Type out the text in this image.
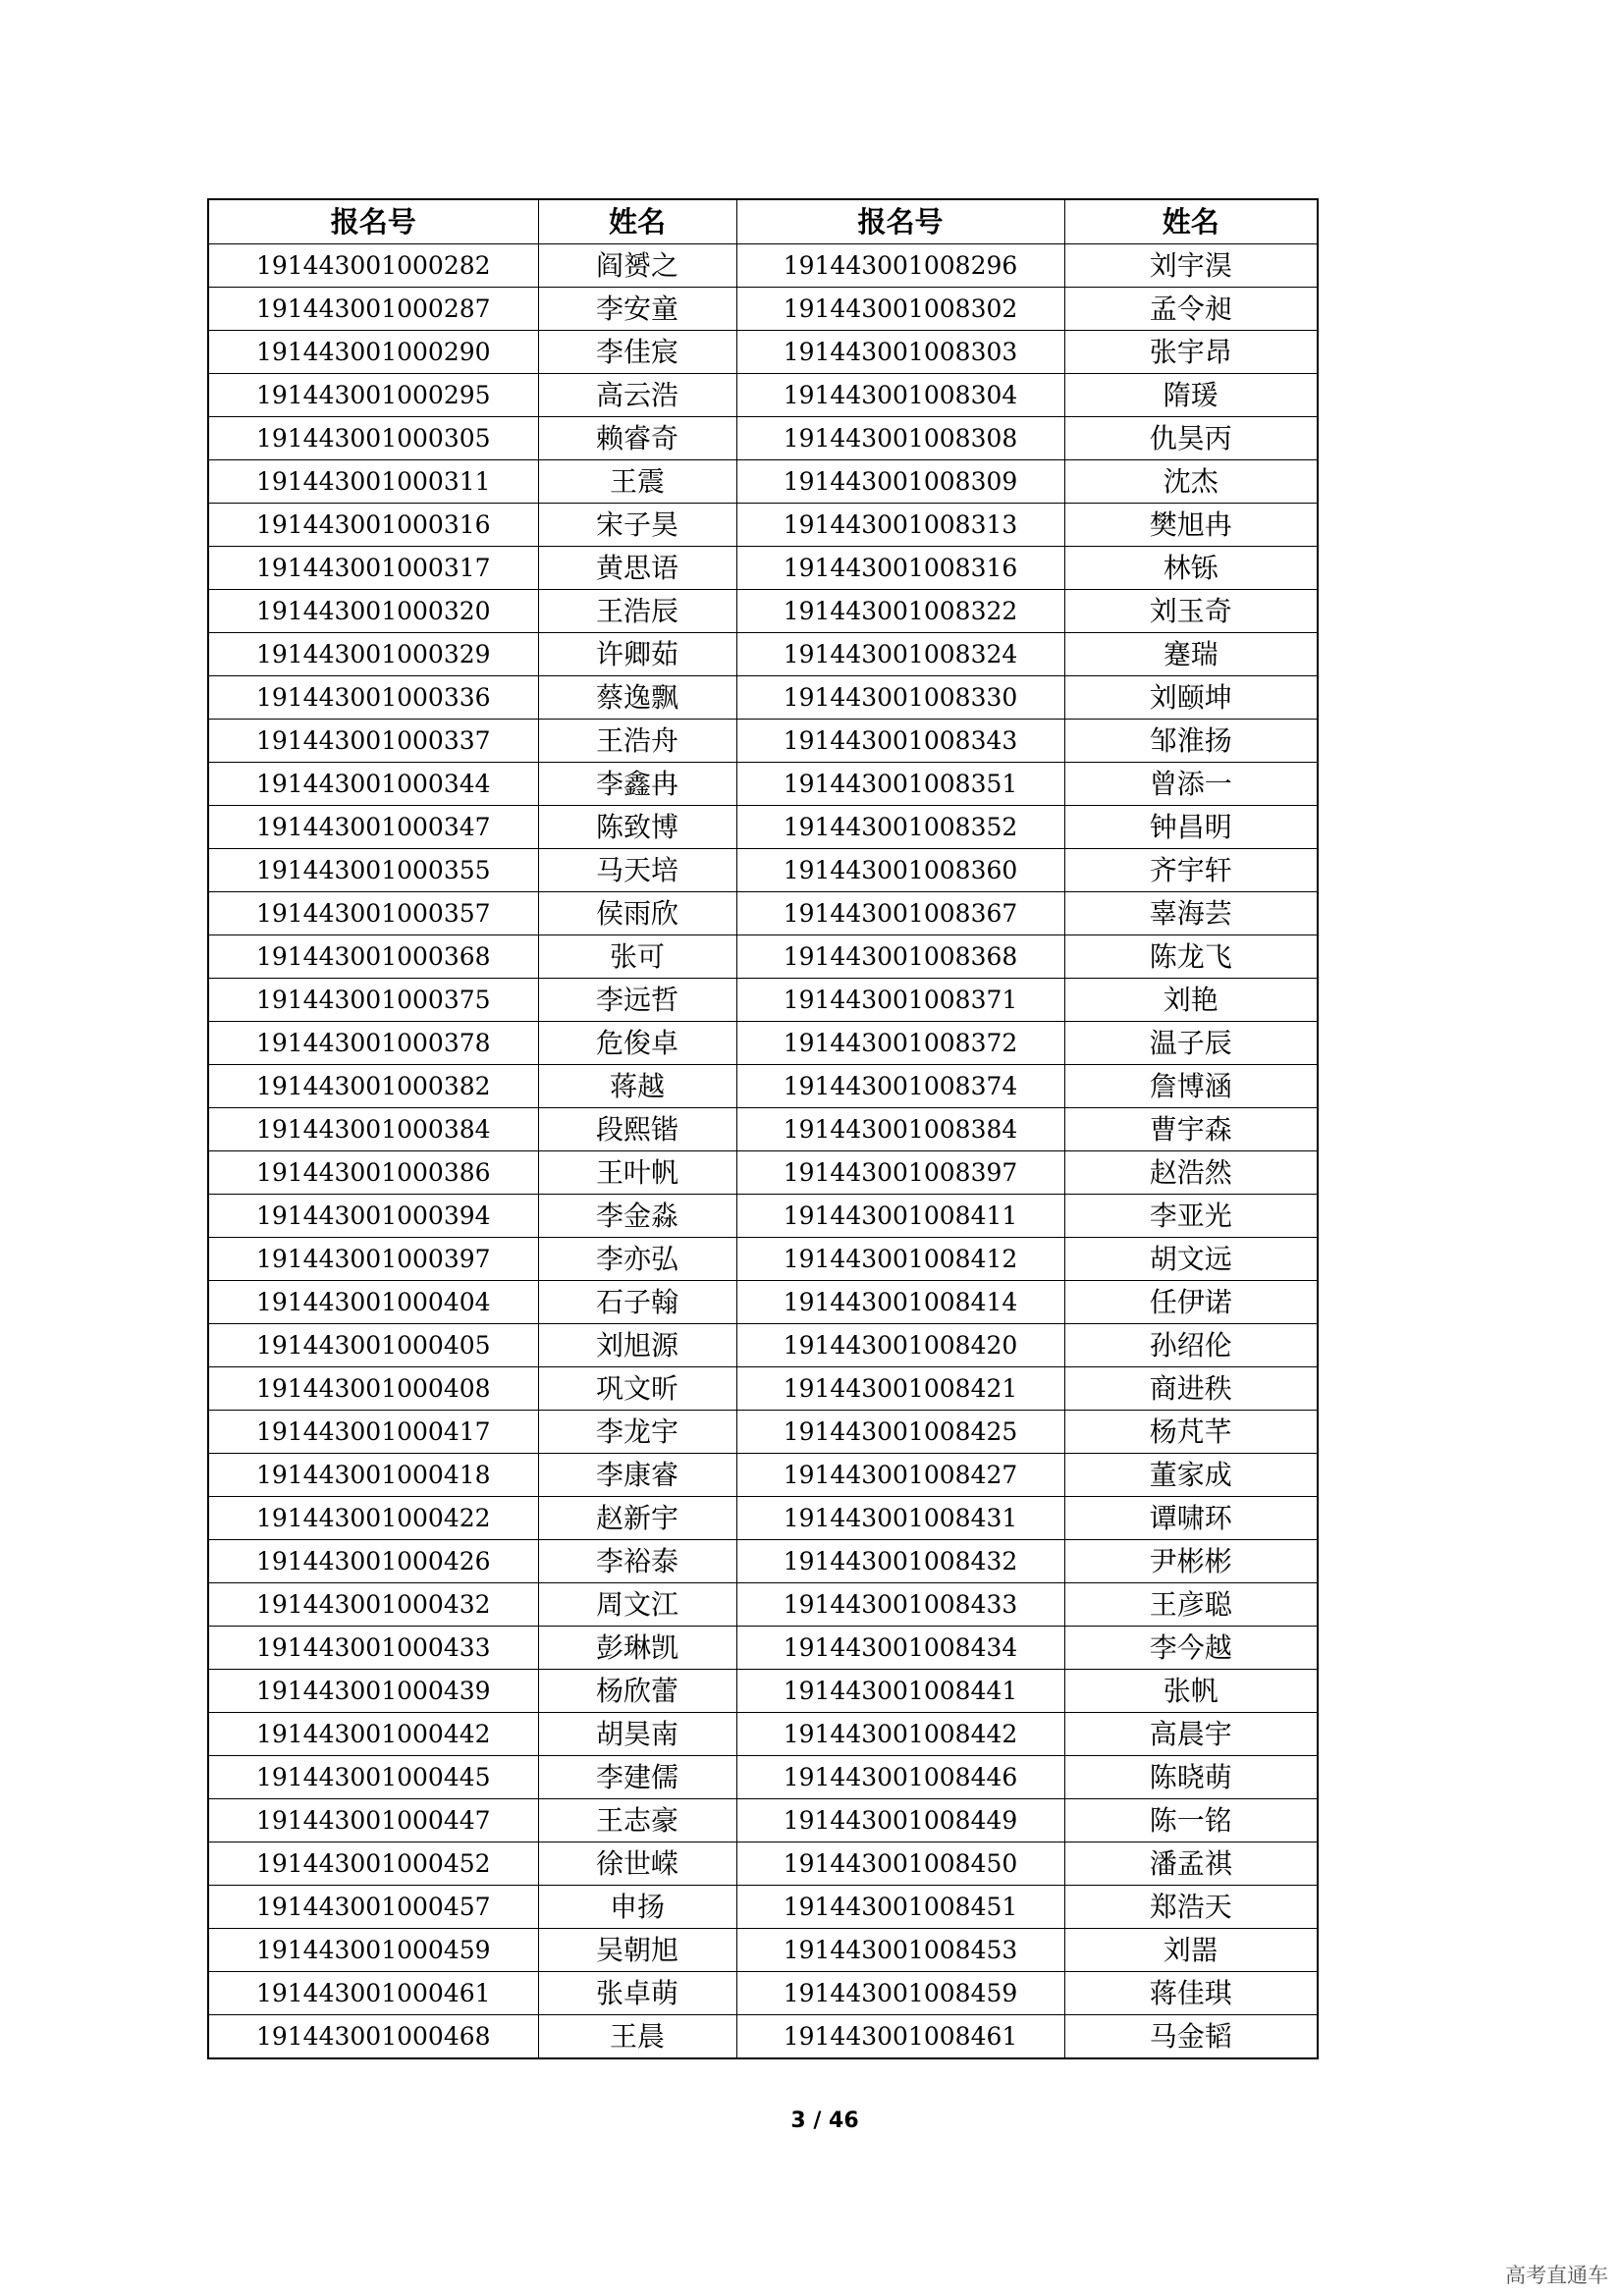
报名号	姓名	报名号	姓名
191443001000282	阎赟之	191443001008296	刘宇淏
191443001000287	李安童	191443001008302	孟令昶
191443001000290	李佳宸	191443001008303	张宇昂
191443001000295	高云浩	191443001008304	隋瑗
191443001000305	赖睿奇	191443001008308	仇昊丙
191443001000311	王震	191443001008309	沈杰
191443001000316	宋子昊	191443001008313	樊旭冉
191443001000317	黄思语	191443001008316	林铄
191443001000320	王浩辰	191443001008322	刘玉奇
191443001000329	许卿茹	191443001008324	蹇瑞
191443001000336	蔡逸飘	191443001008330	刘颐坤
191443001000337	王浩舟	191443001008343	邹淮扬
191443001000344	李鑫冉	191443001008351	曾添一
191443001000347	陈致博	191443001008352	钟昌明
191443001000355	马天培	191443001008360	齐宇轩
191443001000357	侯雨欣	191443001008367	辜海芸
191443001000368	张可	191443001008368	陈龙飞
191443001000375	李远哲	191443001008371	刘艳
191443001000378	危俊卓	191443001008372	温子辰
191443001000382	蒋越	191443001008374	詹博涵
191443001000384	段熙锴	191443001008384	曹宇森
191443001000386	王叶帆	191443001008397	赵浩然
191443001000394	李金淼	191443001008411	李亚光
191443001000397	李亦弘	191443001008412	胡文远
191443001000404	石子翰	191443001008414	任伊诺
191443001000405	刘旭源	191443001008420	孙绍伦
191443001000408	巩文昕	191443001008421	商进秩
191443001000417	李龙宇	191443001008425	杨芃芊
191443001000418	李康睿	191443001008427	董家成
191443001000422	赵新宇	191443001008431	谭啸环
191443001000426	李裕泰	191443001008432	尹彬彬
191443001000432	周文江	191443001008433	王彦聪
191443001000433	彭琳凯	191443001008434	李今越
191443001000439	杨欣蕾	191443001008441	张帆
191443001000442	胡昊南	191443001008442	高晨宇
191443001000445	李建儒	191443001008446	陈晓萌
191443001000447	王志豪	191443001008449	陈一铭
191443001000452	徐世嵘	191443001008450	潘孟祺
191443001000457	申扬	191443001008451	郑浩天
191443001000459	吴朝旭	191443001008453	刘噐
191443001000461	张卓萌	191443001008459	蒋佳琪
191443001000468	王晨	191443001008461	马金韬
3 / 46
高考直通车
